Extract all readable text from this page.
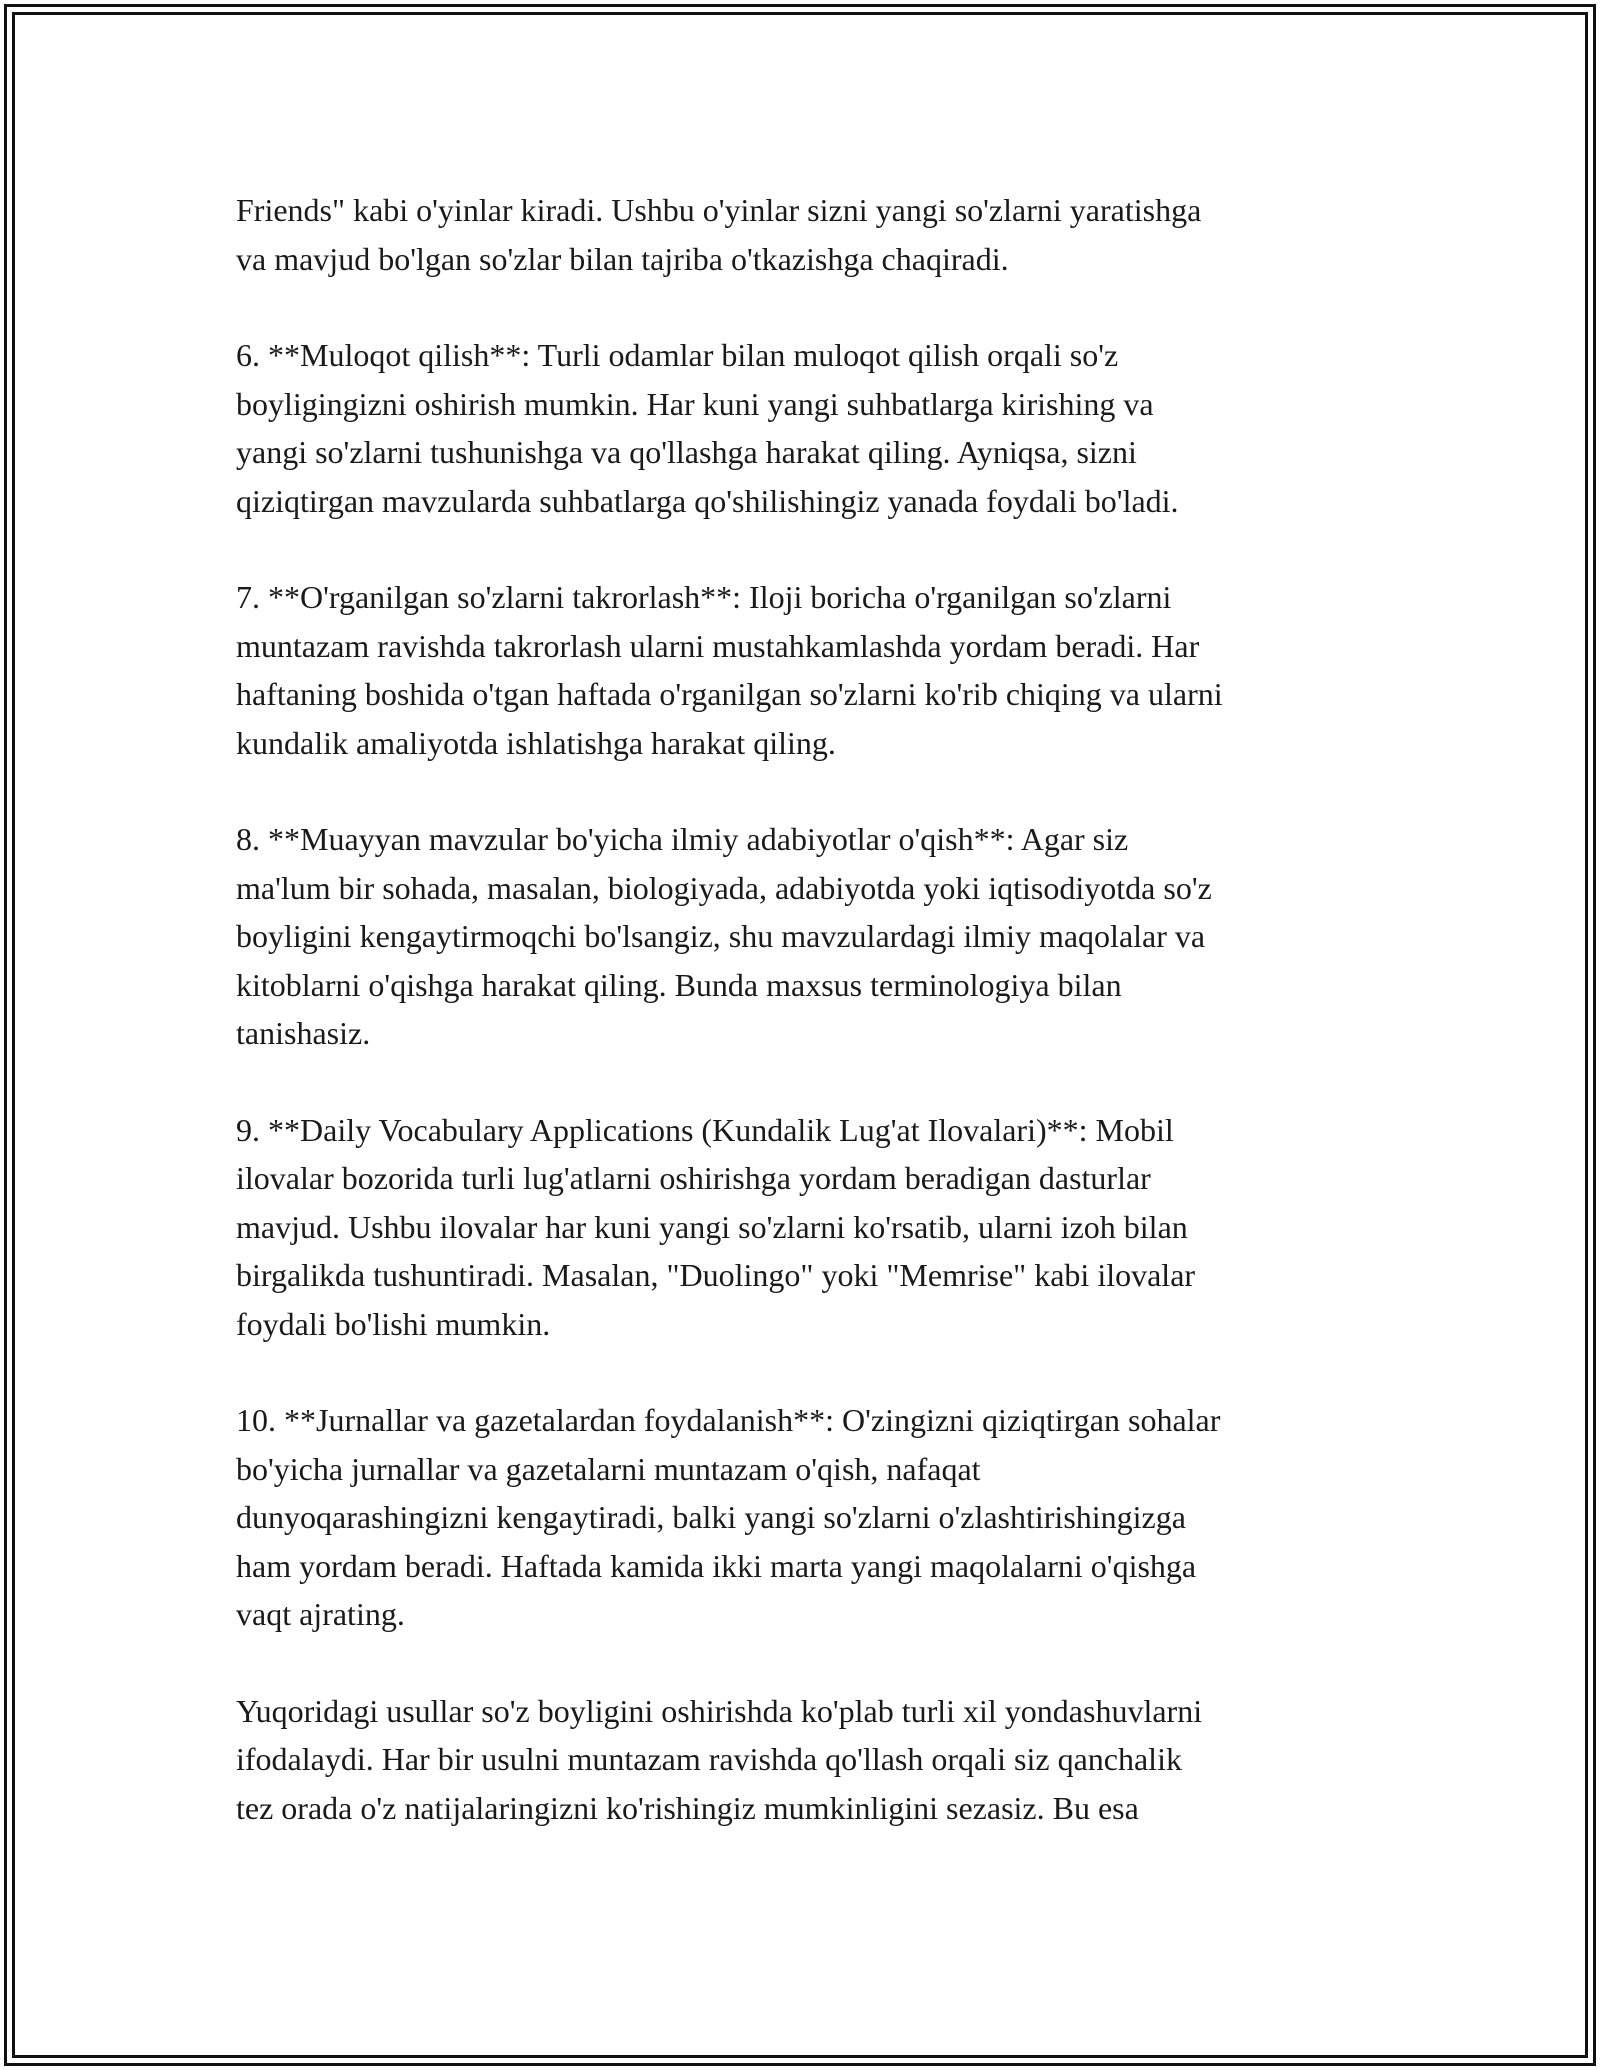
Friends" kabi o'yinlar kiradi. Ushbu o'yinlar sizni yangi so'zlarni yaratishga
va mavjud bo'lgan so'zlar bilan tajriba o'tkazishga chaqiradi.

6. **Muloqot qilish**: Turli odamlar bilan muloqot qilish orqali so'z
boyligingizni oshirish mumkin. Har kuni yangi suhbatlarga kirishing va
yangi so'zlarni tushunishga va qo'llashga harakat qiling. Ayniqsa, sizni
qiziqtirgan mavzularda suhbatlarga qo'shilishingiz yanada foydali bo'ladi.

7. **O'rganilgan so'zlarni takrorlash**: Iloji boricha o'rganilgan so'zlarni
muntazam ravishda takrorlash ularni mustahkamlashda yordam beradi. Har
haftaning boshida o'tgan haftada o'rganilgan so'zlarni ko'rib chiqing va ularni
kundalik amaliyotda ishlatishga harakat qiling.

8. **Muayyan mavzular bo'yicha ilmiy adabiyotlar o'qish**: Agar siz
ma'lum bir sohada, masalan, biologiyada, adabiyotda yoki iqtisodiyotda so'z
boyligini kengaytirmoqchi bo'lsangiz, shu mavzulardagi ilmiy maqolalar va
kitoblarni o'qishga harakat qiling. Bunda maxsus terminologiya bilan
tanishasiz.

9. **Daily Vocabulary Applications (Kundalik Lug'at Ilovalari)**: Mobil
ilovalar bozorida turli lug'atlarni oshirishga yordam beradigan dasturlar
mavjud. Ushbu ilovalar har kuni yangi so'zlarni ko'rsatib, ularni izoh bilan
birgalikda tushuntiradi. Masalan, "Duolingo" yoki "Memrise" kabi ilovalar
foydali bo'lishi mumkin.

10. **Jurnallar va gazetalardan foydalanish**: O'zingizni qiziqtirgan sohalar
bo'yicha jurnallar va gazetalarni muntazam o'qish, nafaqat
dunyoqarashingizni kengaytiradi, balki yangi so'zlarni o'zlashtirishingizga
ham yordam beradi. Haftada kamida ikki marta yangi maqolalarni o'qishga
vaqt ajrating.

Yuqoridagi usullar so'z boyligini oshirishda ko'plab turli xil yondashuvlarni
ifodalaydi. Har bir usulni muntazam ravishda qo'llash orqali siz qanchalik
tez orada o'z natijalaringizni ko'rishingiz mumkinligini sezasiz. Bu esa
